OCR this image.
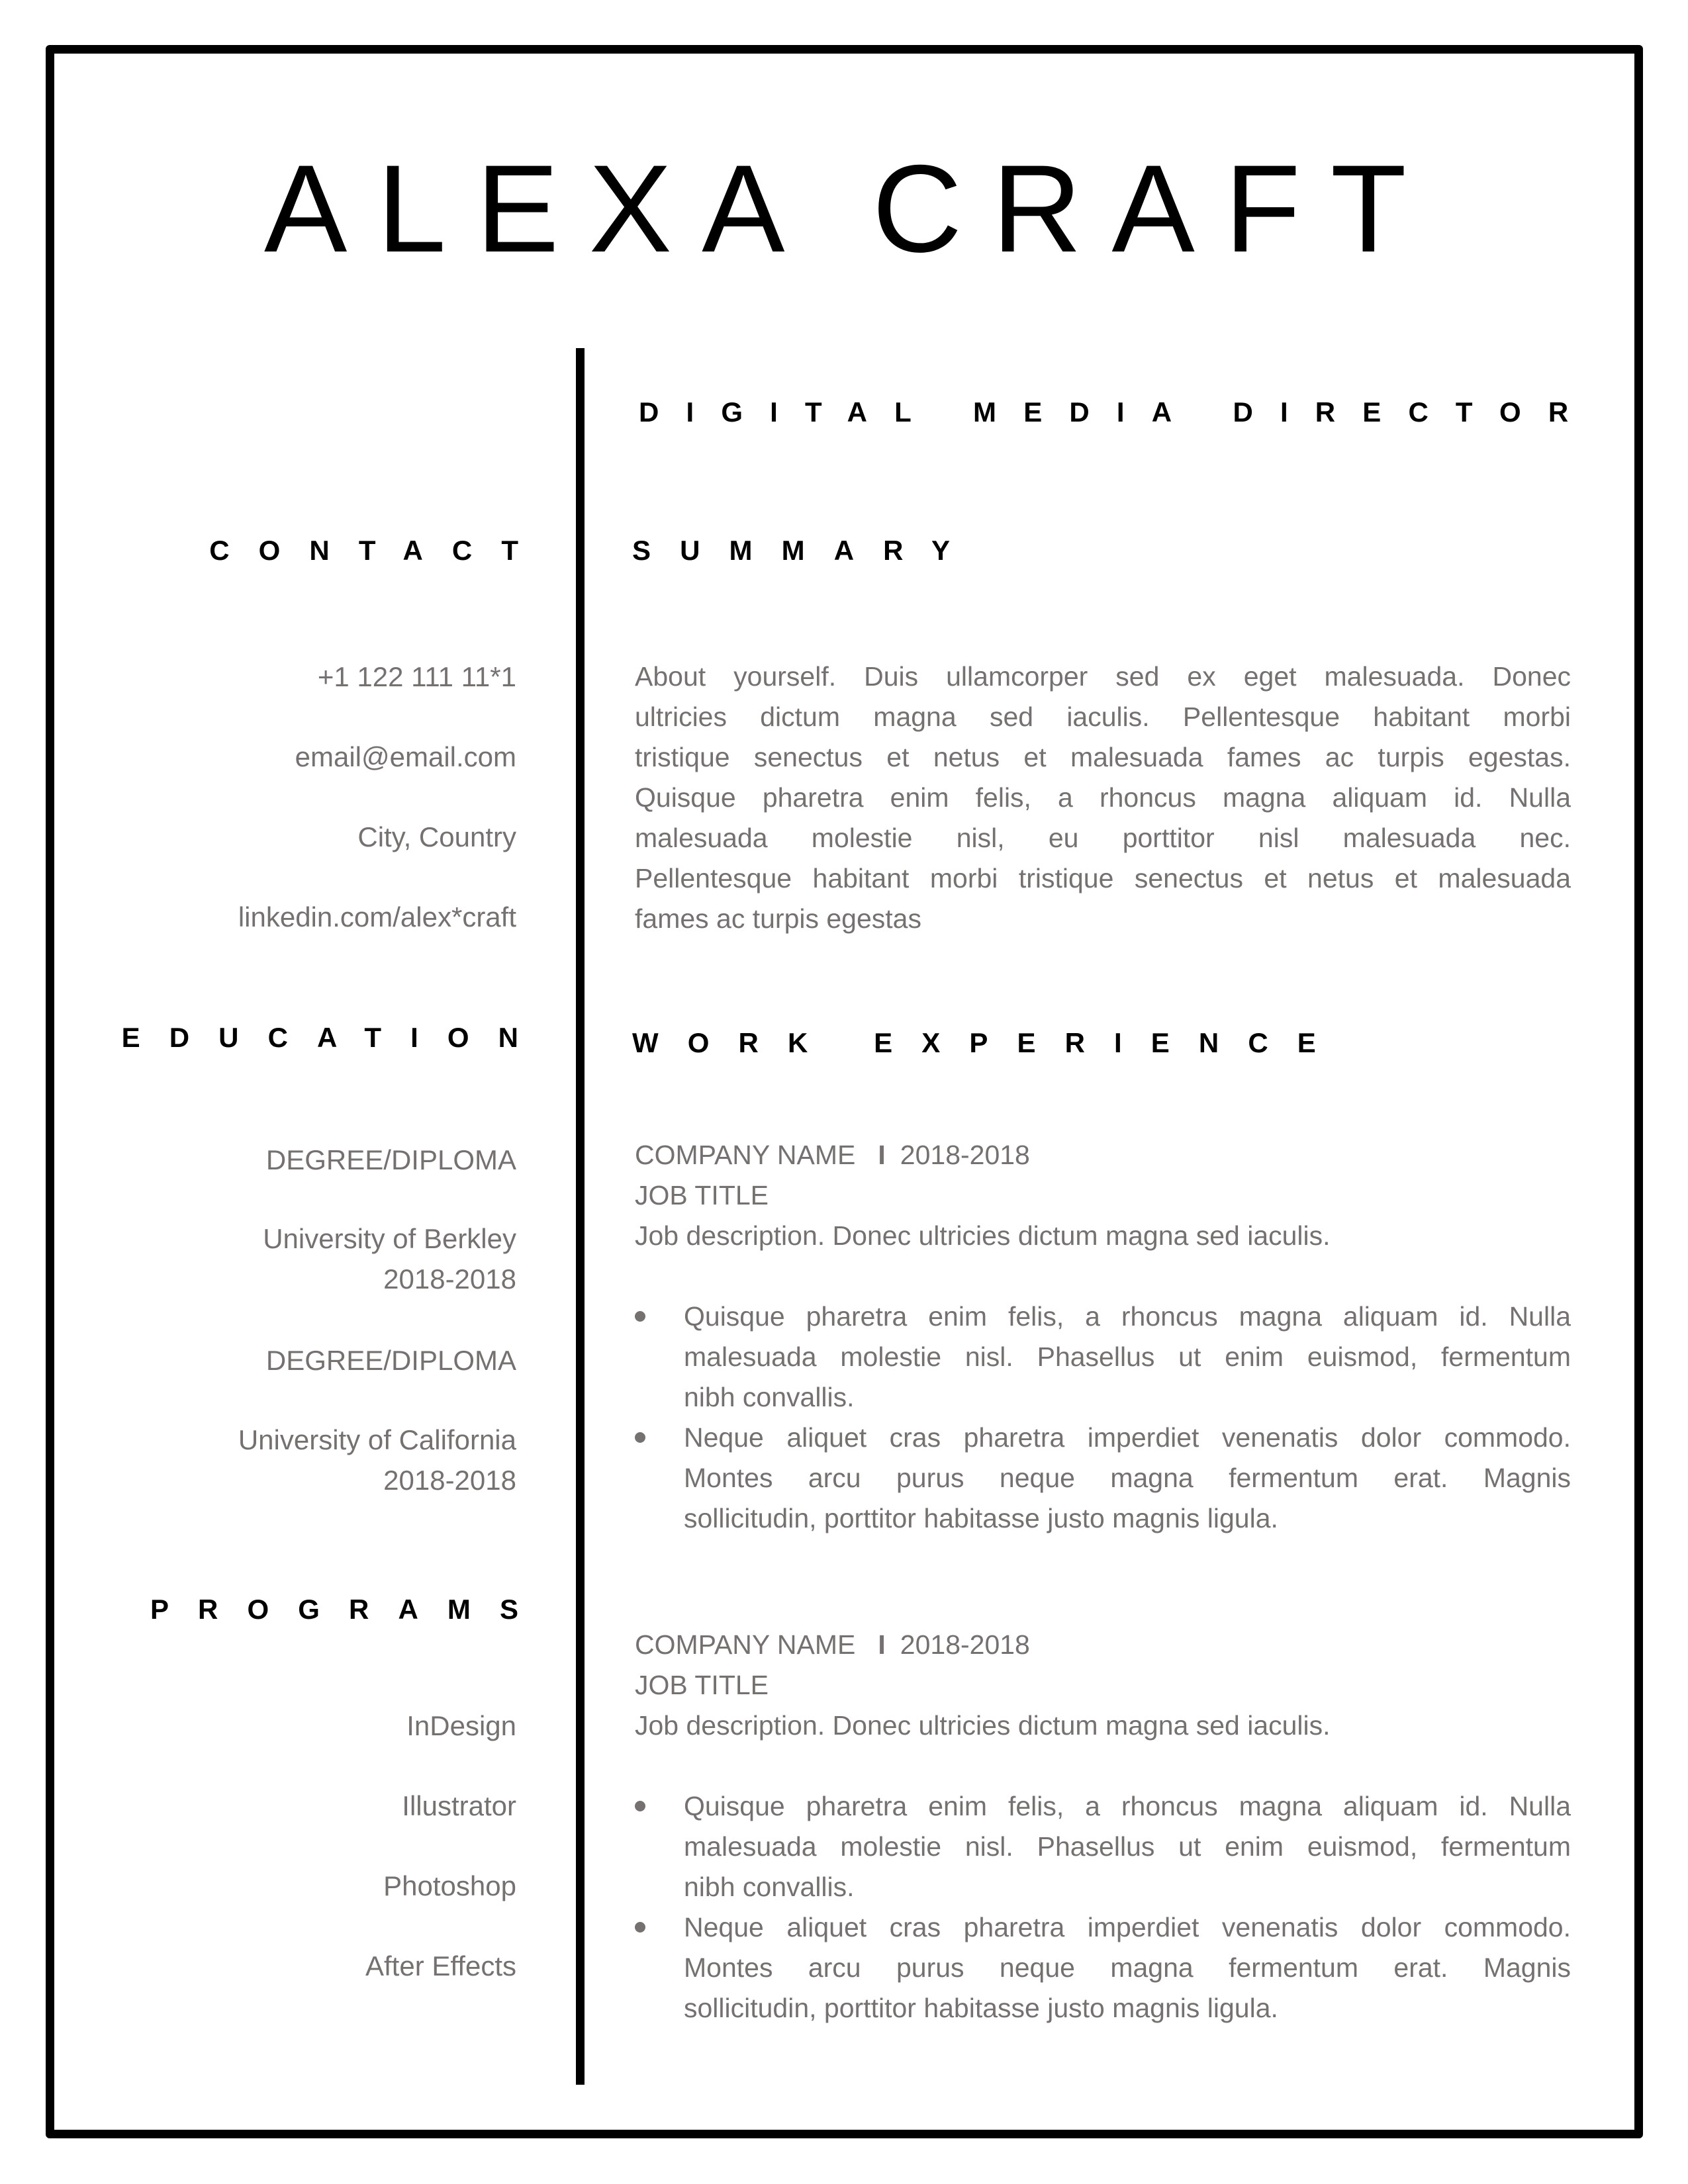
ALEXA CRAFT
DIGITAL MEDIA DIRECTOR
CONTACT
+1 122 111 11*1
email@email.com
City, Country
linkedin.com/alex*craft
EDUCATION
DEGREE/DIPLOMA
University of Berkley
2018-2018
DEGREE/DIPLOMA
University of California
2018-2018
PROGRAMS
InDesign
Illustrator
Photoshop
After Effects
SUMMARY
About yourself. Duis ullamcorper sed ex eget malesuada. Donec
ultricies dictum magna sed iaculis. Pellentesque habitant morbi
tristique senectus et netus et malesuada fames ac turpis egestas.
Quisque pharetra enim felis, a rhoncus magna aliquam id. Nulla
malesuada molestie nisl, eu porttitor nisl malesuada nec.
Pellentesque habitant morbi tristique senectus et netus et malesuada
fames ac turpis egestas
WORK EXPERIENCE
COMPANY NAME I 2018-2018
JOB TITLE
Job description. Donec ultricies dictum magna sed iaculis.
Quisque pharetra enim felis, a rhoncus magna aliquam id. Nulla
malesuada molestie nisl. Phasellus ut enim euismod, fermentum
nibh convallis.
Neque aliquet cras pharetra imperdiet venenatis dolor commodo.
Montes arcu purus neque magna fermentum erat. Magnis
sollicitudin, porttitor habitasse justo magnis ligula.
COMPANY NAME I 2018-2018
JOB TITLE
Job description. Donec ultricies dictum magna sed iaculis.
Quisque pharetra enim felis, a rhoncus magna aliquam id. Nulla
malesuada molestie nisl. Phasellus ut enim euismod, fermentum
nibh convallis.
Neque aliquet cras pharetra imperdiet venenatis dolor commodo.
Montes arcu purus neque magna fermentum erat. Magnis
sollicitudin, porttitor habitasse justo magnis ligula.
